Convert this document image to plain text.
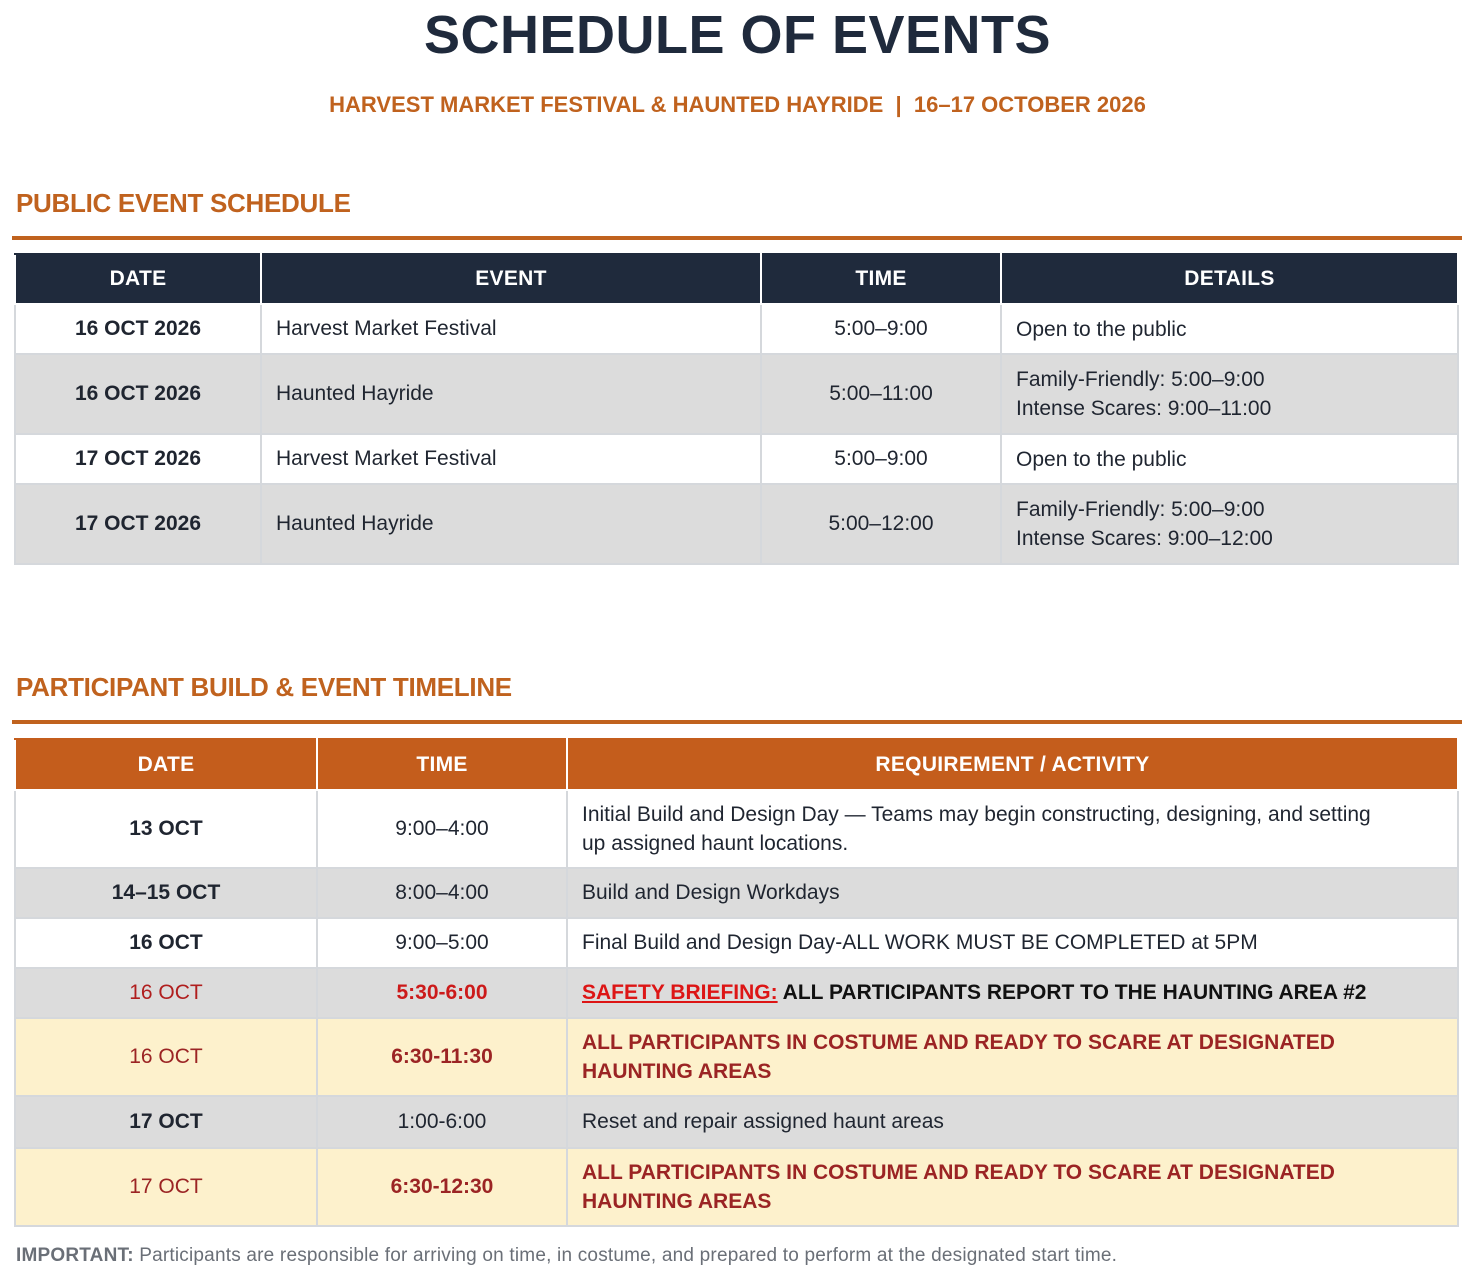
SCHEDULE OF EVENTS
HARVEST MARKET FESTIVAL & HAUNTED HAYRIDE  |  16–17 OCTOBER 2026
PUBLIC EVENT SCHEDULE
DATE	EVENT	TIME	DETAILS
16 OCT 2026	Harvest Market Festival	5:00–9:00	Open to the public

16 OCT 2026	Haunted Hayride	5:00–11:00	Family-Friendly: 5:00–9:00
Intense Scares: 9:00–11:00

17 OCT 2026	Harvest Market Festival	5:00–9:00	Open to the public

17 OCT 2026	Haunted Hayride	5:00–12:00	Family-Friendly: 5:00–9:00
Intense Scares: 9:00–12:00
PARTICIPANT BUILD & EVENT TIMELINE
DATE	TIME	REQUIREMENT / ACTIVITY
13 OCT	9:00–4:00	Initial Build and Design Day — Teams may begin constructing, designing, and setting
up assigned haunt locations.

14–15 OCT	8:00–4:00	Build and Design Workdays
16 OCT	9:00–5:00	Final Build and Design Day-ALL WORK MUST BE COMPLETED at 5PM
16 OCT	5:30-6:00	SAFETY BRIEFING: ALL PARTICIPANTS REPORT TO THE HAUNTING AREA #2
16 OCT	6:30-11:30	ALL PARTICIPANTS IN COSTUME AND READY TO SCARE AT DESIGNATED
HAUNTING AREAS

17 OCT	1:00-6:00	Reset and repair assigned haunt areas
17 OCT	6:30-12:30	ALL PARTICIPANTS IN COSTUME AND READY TO SCARE AT DESIGNATED
HAUNTING AREAS
IMPORTANT: Participants are responsible for arriving on time, in costume, and prepared to perform at the designated start time.
